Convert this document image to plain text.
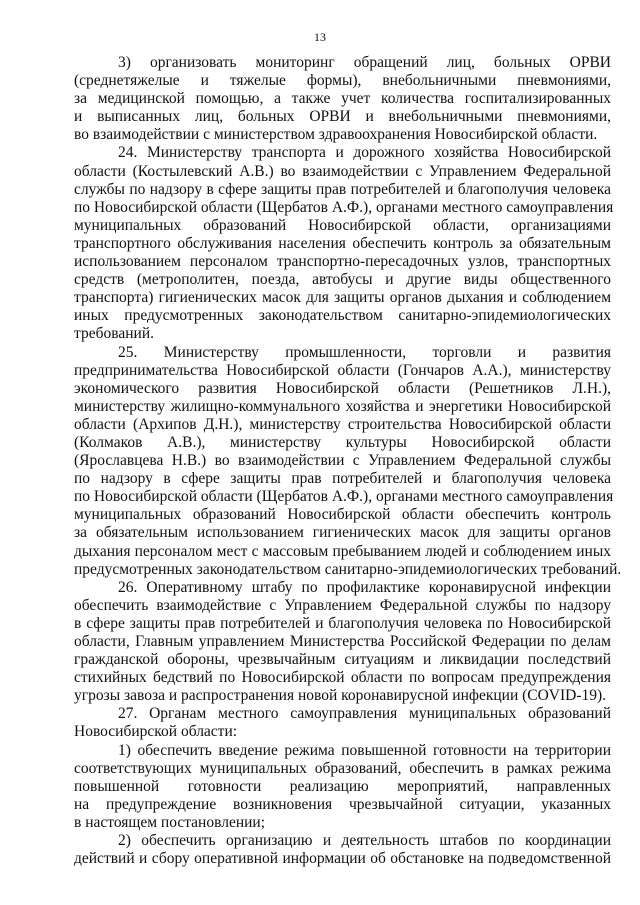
13
3) организовать мониторинг обращений лиц, больных ОРВИ
(среднетяжелые и тяжелые формы), внебольничными пневмониями,
за медицинской помощью, а также учет количества госпитализированных
и выписанных лиц, больных ОРВИ и внебольничными пневмониями,
во взаимодействии с министерством здравоохранения Новосибирской области.
24. Министерству транспорта и дорожного хозяйства Новосибирской
области (Костылевский А.В.) во взаимодействии с Управлением Федеральной
службы по надзору в сфере защиты прав потребителей и благополучия человека
по Новосибирской области (Щербатов А.Ф.), органами местного самоуправления
муниципальных образований Новосибирской области, организациями
транспортного обслуживания населения обеспечить контроль за обязательным
использованием персоналом транспортно-пересадочных узлов, транспортных
средств (метрополитен, поезда, автобусы и другие виды общественного
транспорта) гигиенических масок для защиты органов дыхания и соблюдением
иных предусмотренных законодательством санитарно-эпидемиологических
требований.
25. Министерству промышленности, торговли и развития
предпринимательства Новосибирской области (Гончаров А.А.), министерству
экономического развития Новосибирской области (Решетников Л.Н.),
министерству жилищно-коммунального хозяйства и энергетики Новосибирской
области (Архипов Д.Н.), министерству строительства Новосибирской области
(Колмаков А.В.), министерству культуры Новосибирской области
(Ярославцева Н.В.) во взаимодействии с Управлением Федеральной службы
по надзору в сфере защиты прав потребителей и благополучия человека
по Новосибирской области (Щербатов А.Ф.), органами местного самоуправления
муниципальных образований Новосибирской области обеспечить контроль
за обязательным использованием гигиенических масок для защиты органов
дыхания персоналом мест с массовым пребыванием людей и соблюдением иных
предусмотренных законодательством санитарно-эпидемиологических требований.
26. Оперативному штабу по профилактике коронавирусной инфекции
обеспечить взаимодействие с Управлением Федеральной службы по надзору
в сфере защиты прав потребителей и благополучия человека по Новосибирской
области, Главным управлением Министерства Российской Федерации по делам
гражданской обороны, чрезвычайным ситуациям и ликвидации последствий
стихийных бедствий по Новосибирской области по вопросам предупреждения
угрозы завоза и распространения новой коронавирусной инфекции (COVID-19).
27. Органам местного самоуправления муниципальных образований
Новосибирской области:
1) обеспечить введение режима повышенной готовности на территории
соответствующих муниципальных образований, обеспечить в рамках режима
повышенной готовности реализацию мероприятий, направленных
на предупреждение возникновения чрезвычайной ситуации, указанных
в настоящем постановлении;
2) обеспечить организацию и деятельность штабов по координации
действий и сбору оперативной информации об обстановке на подведомственной
